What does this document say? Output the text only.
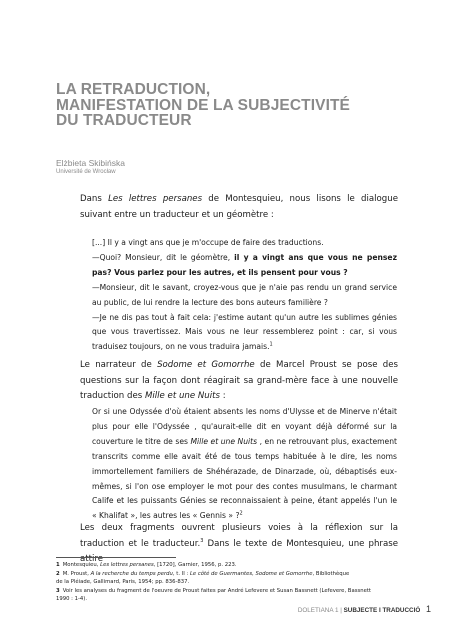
LA RETRADUCTION,
MANIFESTATION DE LA SUBJECTIVITÉ
DU TRADUCTEUR
Elżbieta Skibińska
Université de Wrocław

Dans Les lettres persanes de Montesquieu, nous lisons le dialogue suivant entre un traducteur et un géomètre :

[...] Il y a vingt ans que je m'occupe de faire des traductions.

—Quoi? Monsieur, dit le géomètre, il y a vingt ans que vous ne pensez pas? Vous parlez pour les autres, et ils pensent pour vous ?

—Monsieur, dit le savant, croyez-vous que je n'aie pas rendu un grand service au public, de lui rendre la lecture des bons auteurs familière ?

—Je ne dis pas tout à fait cela: j'estime autant qu'un autre les sublimes génies que vous travertissez. Mais vous ne leur ressemblerez point : car, si vous traduisez toujours, on ne vous traduira jamais.$^1$

Le narrateur de Sodome et Gomorrhe de Marcel Proust se pose des questions sur la façon dont réagirait sa grand-mère face à une nouvelle traduction des Mille et une Nuits :

Or si une Odyssée d'où étaient absents les noms d'Ulysse et de Minerve n'était plus pour elle l'Odyssée , qu'aurait-elle dit en voyant déjà déformé sur la couverture le titre de ses Mille et une Nuits , en ne retrouvant plus, exactement transcrits comme elle avait été de tous temps habituée à le dire, les noms immortellement familiers de Shéhérazade, de Dinarzade, où, débaptisés eux-mêmes, si l'on ose employer le mot pour des contes musulmans, le charmant Calife et les puissants Génies se reconnaissaient à peine, étant appelés l'un le « Khalifat », les autres les « Gennis » ?$^2$

Les deux fragments ouvrent plusieurs voies à la réflexion sur la traduction et le traducteur.$^3$ Dans le texte de Montesquieu, une phrase attire

1 Montesquieu, Les lettres persanes, [1720], Garnier, 1956, p. 223.
2 M. Proust, A la recherche du temps perdu, t. II : Le côté de Guermantes, Sodome et Gomorrhe, Bibliothèque
de la Pléiade, Gallimard, Paris, 1954; pp. 836-837.
3 Voir les analyses du fragment de l'oeuvre de Proust faites par André Lefevere et Susan Bassnett (Lefevere, Bassnett
1990 : 1-4).
DOLETIANA 1 | SUBJECTE I TRADUCCIÓ 1
